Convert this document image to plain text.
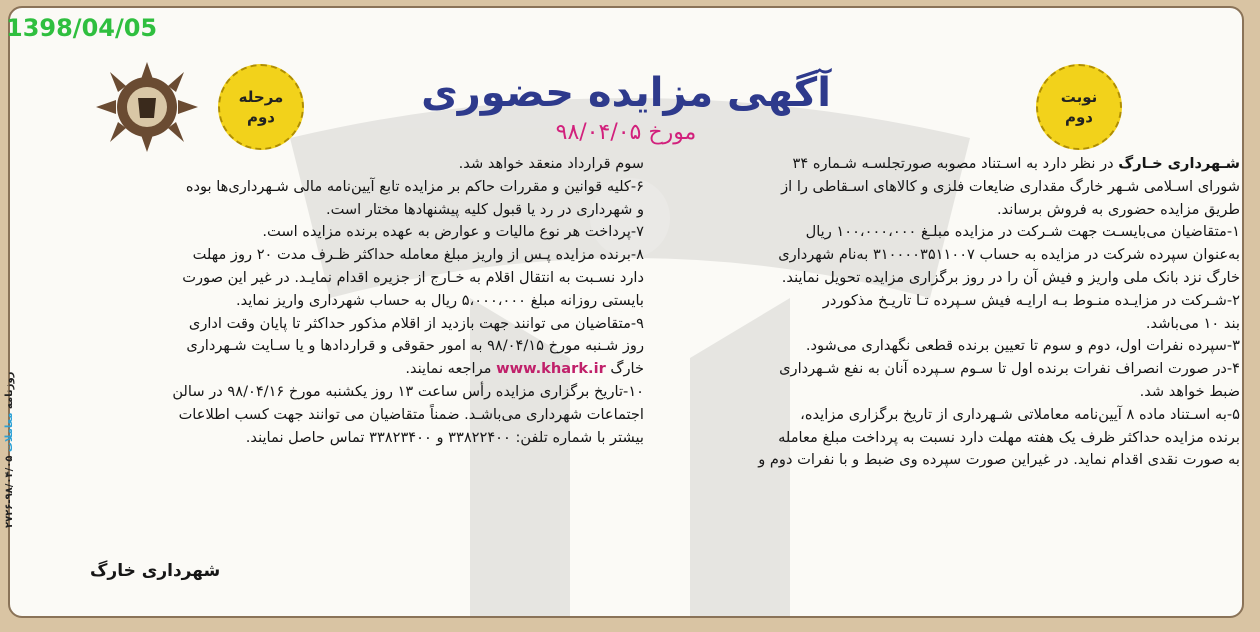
مرحله
دوم
نوبت
دوم
آگهی مزایده حضوری
مورخ ۹۸/۰۴/۰۵

شـهرداری خـارگ در نظر دارد به اسـتناد مصوبه صورتجلسـه شـماره ۳۴

شورای اسـلامی شـهر خارگ مقداری ضایعات فلزی و کالاهای اسـقاطی را از

طریق مزایده حضوری به فروش برساند.

۱-متقاضیان می‌بایسـت جهت شـرکت در مزایده مبلـغ ۱۰۰،۰۰۰،۰۰۰ ریال

به‌عنوان سپرده شرکت در مزایده به حساب ۳۱۰۰۰۰۳۵۱۱۰۰۷ به‌نام شهرداری

خارگ نزد بانک ملی واریز و فیش آن را در روز برگزاری مزایده تحویل نمایند.

۲-شـرکت در مزایـده منـوط بـه ارایـه فیش سـپرده تـا تاریـخ مذکوردر

بند ۱۰ می‌باشد.

۳-سپرده نفرات اول، دوم و سوم تا تعیین برنده قطعی نگهداری می‌شود.

۴-در صورت انصراف نفرات برنده اول تا سـوم سـپرده آنان به نفع شـهرداری

ضبط خواهد شد.

۵-به اسـتناد ماده ۸ آیین‌نامه معاملاتی شـهرداری از تاریخ برگزاری مزایده،

برنده مزایده حداکثر ظرف یک هفته مهلت دارد نسبت به پرداخت مبلغ معامله

به صورت نقدی اقدام نماید. در غیراین صورت سپرده وی ضبط و با نفرات دوم و

سوم قرارداد منعقد خواهد شد.

۶-کلیه قوانین و مقررات حاکم بر مزایده تابع آیین‌نامه مالی شـهرداری‌ها بوده

و شهرداری در رد یا قبول کلیه پیشنهادها مختار است.

۷-پرداخت هر نوع مالیات و عوارض به عهده برنده مزایده است.

۸-برنده مزایده پـس از واریز مبلغ معامله حداکثر ظـرف مدت ۲۰ روز مهلت

دارد نسـبت به انتقال اقلام به خـارج از جزیره اقدام نمایـد. در غیر این صورت

بایستی روزانه مبلغ ۵،۰۰۰،۰۰۰ ریال به حساب شهرداری واریز نماید.

۹-متقاضیان می توانند جهت بازدید از اقلام مذکور حداکثر تا پایان وقت اداری

روز شـنبه مورخ ۹۸/۰۴/۱۵ به امور حقوقی و قراردادها و یا سـایت شـهرداری

خارگ www.khark.ir مراجعه نمایند.

۱۰-تاریخ برگزاری مزایده رأس ساعت ۱۳ روز یکشنبه مورخ ۹۸/۰۴/۱۶ در سالن

اجتماعات شهرداری می‌باشـد. ضمناً متقاضیان می توانند جهت کسب اطلاعات

بیشتر با شماره تلفن: ۳۳۸۲۲۴۰۰ و ۳۳۸۲۳۴۰۰ تماس حاصل نمایند.

شهرداری خارگ
1398/04/05
روزنامه معاملات ۹۸/۰۴/۰۵-۲۷۲۶
